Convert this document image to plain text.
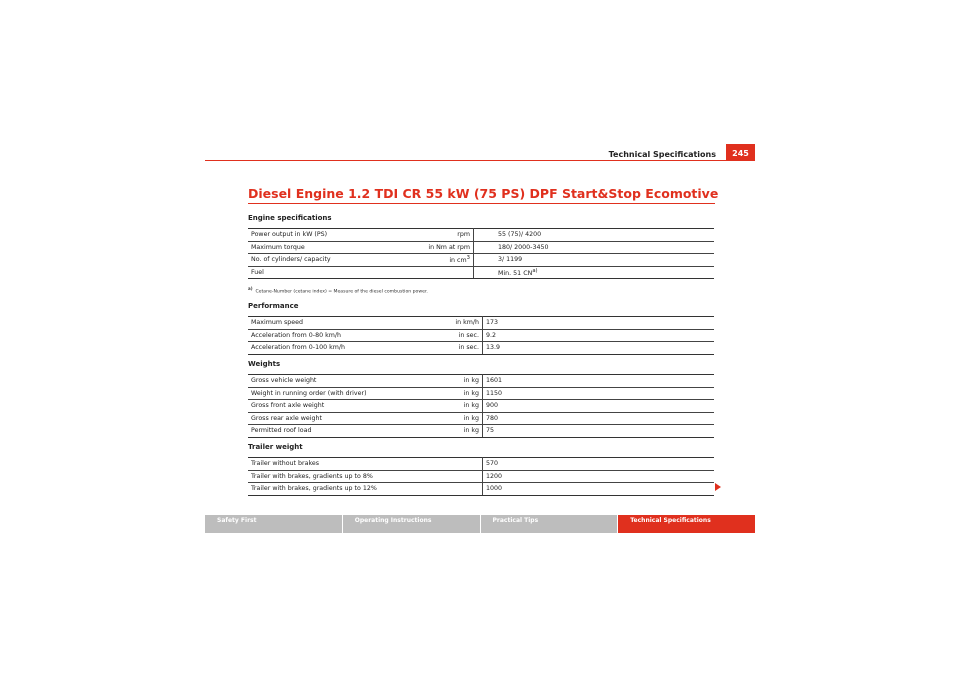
Technical Specifications	245
Diesel Engine 1.2 TDI CR 55 kW (75 PS) DPF Start&Stop Ecomotive
Engine specifications
Power output in kW (PS)	rpm	55 (75)/ 4200
Maximum torque	in Nm at rpm	180/ 2000-3450
No. of cylinders/ capacity	in $cm^3$	3/ 1199
Fuel		Min. 51 CN$^{a)}$
$^{a)}$  Cetane-Number (cetane index) = Measure of the diesel combustion power.
Performance
Maximum speed	in km/h	173
Acceleration from 0-80 km/h	in sec.	9.2
Acceleration from 0-100 km/h	in sec.	13.9
Weights
Gross vehicle weight	in kg	1601
Weight in running order (with driver)	in kg	1150
Gross front axle weight	in kg	900
Gross rear axle weight	in kg	780
Permitted roof load	in kg	75
Trailer weight
Trailer without brakes		570
Trailer with brakes, gradients up to 8%		1200
Trailer with brakes, gradients up to 12%		1000
Safety First	Operating Instructions	Practical Tips	Technical Specifications
